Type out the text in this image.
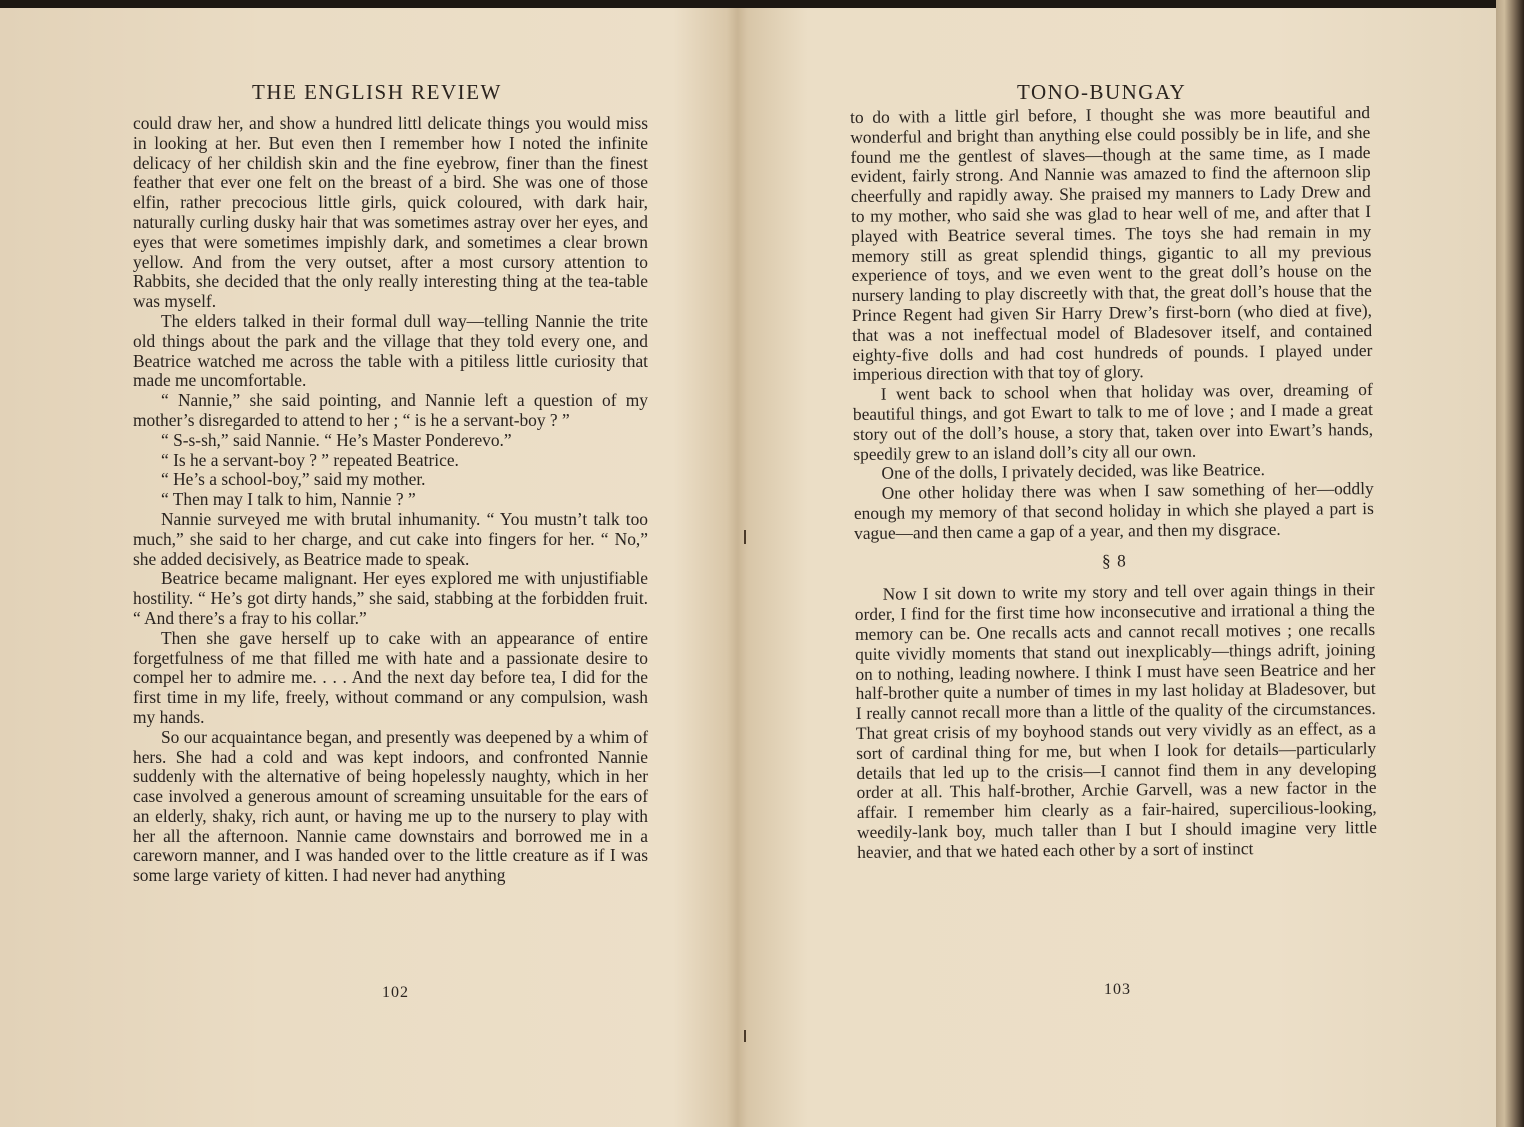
THE ENGLISH REVIEW

could draw her, and show a hundred littl delicate things you would miss in looking at her. But even then I remember how I noted the infinite delicacy of her childish skin and the fine eyebrow, finer than the finest feather that ever one felt on the breast of a bird. She was one of those elfin, rather precocious little girls, quick coloured, with dark hair, naturally curling dusky hair that was sometimes astray over her eyes, and eyes that were sometimes impishly dark, and sometimes a clear brown yellow. And from the very outset, after a most cursory attention to Rabbits, she decided that the only really interesting thing at the tea-table was myself.

The elders talked in their formal dull way—telling Nannie the trite old things about the park and the village that they told every one, and Beatrice watched me across the table with a pitiless little curiosity that made me uncomfortable.

“ Nannie,” she said pointing, and Nannie left a question of my mother’s disregarded to attend to her ; “ is he a servant-boy ? ”

“ S-s-sh,” said Nannie. “ He’s Master Ponderevo.”

“ Is he a servant-boy ? ” repeated Beatrice.

“ He’s a school-boy,” said my mother.

“ Then may I talk to him, Nannie ? ”

Nannie surveyed me with brutal inhumanity. “ You mustn’t talk too much,” she said to her charge, and cut cake into fingers for her. “ No,” she added decisively, as Beatrice made to speak.

Beatrice became malignant. Her eyes explored me with unjustifiable hostility. “ He’s got dirty hands,” she said, stabbing at the forbidden fruit. “ And there’s a fray to his collar.”

Then she gave herself up to cake with an appearance of entire forgetfulness of me that filled me with hate and a passionate desire to compel her to admire me. . . . And the next day before tea, I did for the first time in my life, freely, without command or any compulsion, wash my hands.

So our acquaintance began, and presently was deepened by a whim of hers. She had a cold and was kept indoors, and confronted Nannie suddenly with the alternative of being hopelessly naughty, which in her case involved a generous amount of screaming unsuitable for the ears of an elderly, shaky, rich aunt, or having me up to the nursery to play with her all the afternoon. Nannie came downstairs and borrowed me in a careworn manner, and I was handed over to the little creature as if I was some large variety of kitten. I had never had anything

102
TONO-BUNGAY

to do with a little girl before, I thought she was more beautiful and wonderful and bright than anything else could possibly be in life, and she found me the gentlest of slaves—though at the same time, as I made evident, fairly strong. And Nannie was amazed to find the afternoon slip cheerfully and rapidly away. She praised my manners to Lady Drew and to my mother, who said she was glad to hear well of me, and after that I played with Beatrice several times. The toys she had remain in my memory still as great splendid things, gigantic to all my previous experience of toys, and we even went to the great doll’s house on the nursery landing to play discreetly with that, the great doll’s house that the Prince Regent had given Sir Harry Drew’s first-born (who died at five), that was a not ineffectual model of Bladesover itself, and contained eighty-five dolls and had cost hundreds of pounds. I played under imperious direction with that toy of glory.

I went back to school when that holiday was over, dreaming of beautiful things, and got Ewart to talk to me of love ; and I made a great story out of the doll’s house, a story that, taken over into Ewart’s hands, speedily grew to an island doll’s city all our own.

One of the dolls, I privately decided, was like Beatrice.

One other holiday there was when I saw something of her—oddly enough my memory of that second holiday in which she played a part is vague—and then came a gap of a year, and then my disgrace.

§ 8

Now I sit down to write my story and tell over again things in their order, I find for the first time how inconsecutive and irrational a thing the memory can be. One recalls acts and cannot recall motives ; one recalls quite vividly moments that stand out inexplicably—things adrift, joining on to nothing, leading nowhere. I think I must have seen Beatrice and her half-brother quite a number of times in my last holiday at Bladesover, but I really cannot recall more than a little of the quality of the circumstances. That great crisis of my boyhood stands out very vividly as an effect, as a sort of cardinal thing for me, but when I look for details—particularly details that led up to the crisis—I cannot find them in any developing order at all. This half-brother, Archie Garvell, was a new factor in the affair. I remember him clearly as a fair-haired, supercilious-looking, weedily-lank boy, much taller than I but I should imagine very little heavier, and that we hated each other by a sort of instinct

103
